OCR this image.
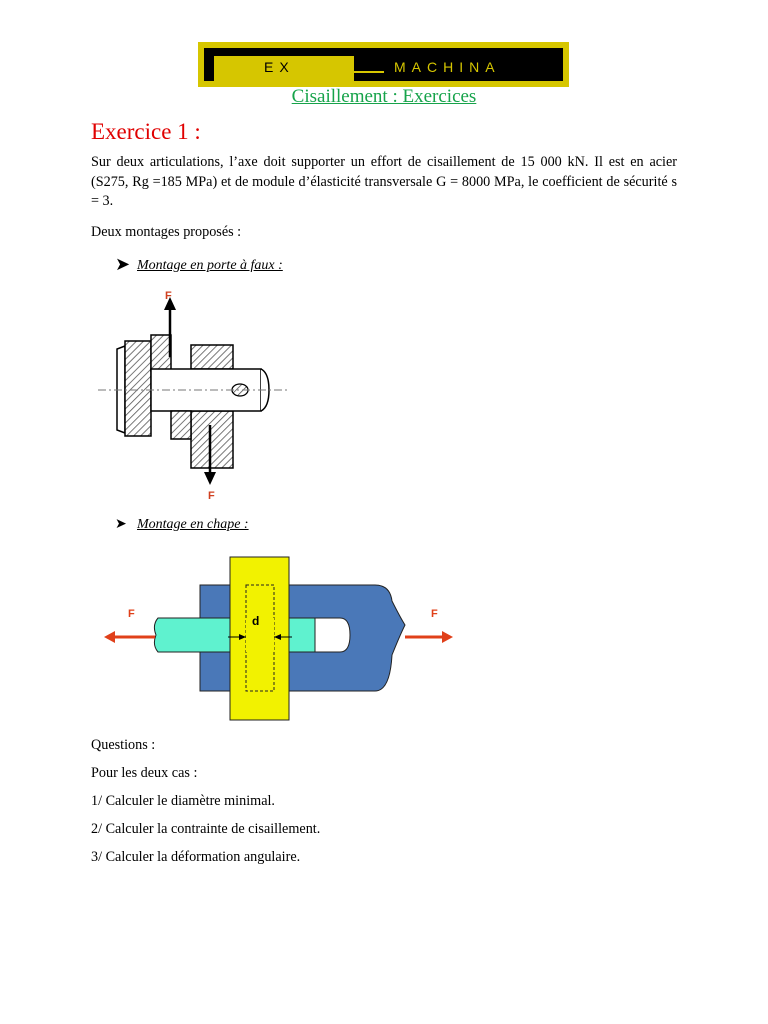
EX	MACHINA
Cisaillement : Exercices
Exercice 1 :
Sur deux articulations, l’axe doit supporter un effort de cisaillement de 15 000 kN. Il est en acier (S275, Rg =185 MPa) et de module d’élasticité transversale G = 8000 MPa, le coefficient de sécurité s = 3.
Deux montages proposés :
➤ Montage en porte à faux :
F
F
➤ Montage en chape :
d
F	F
Questions :
Pour les deux cas :
1/ Calculer le diamètre minimal.
2/ Calculer la contrainte de cisaillement.
3/ Calculer la déformation angulaire.
